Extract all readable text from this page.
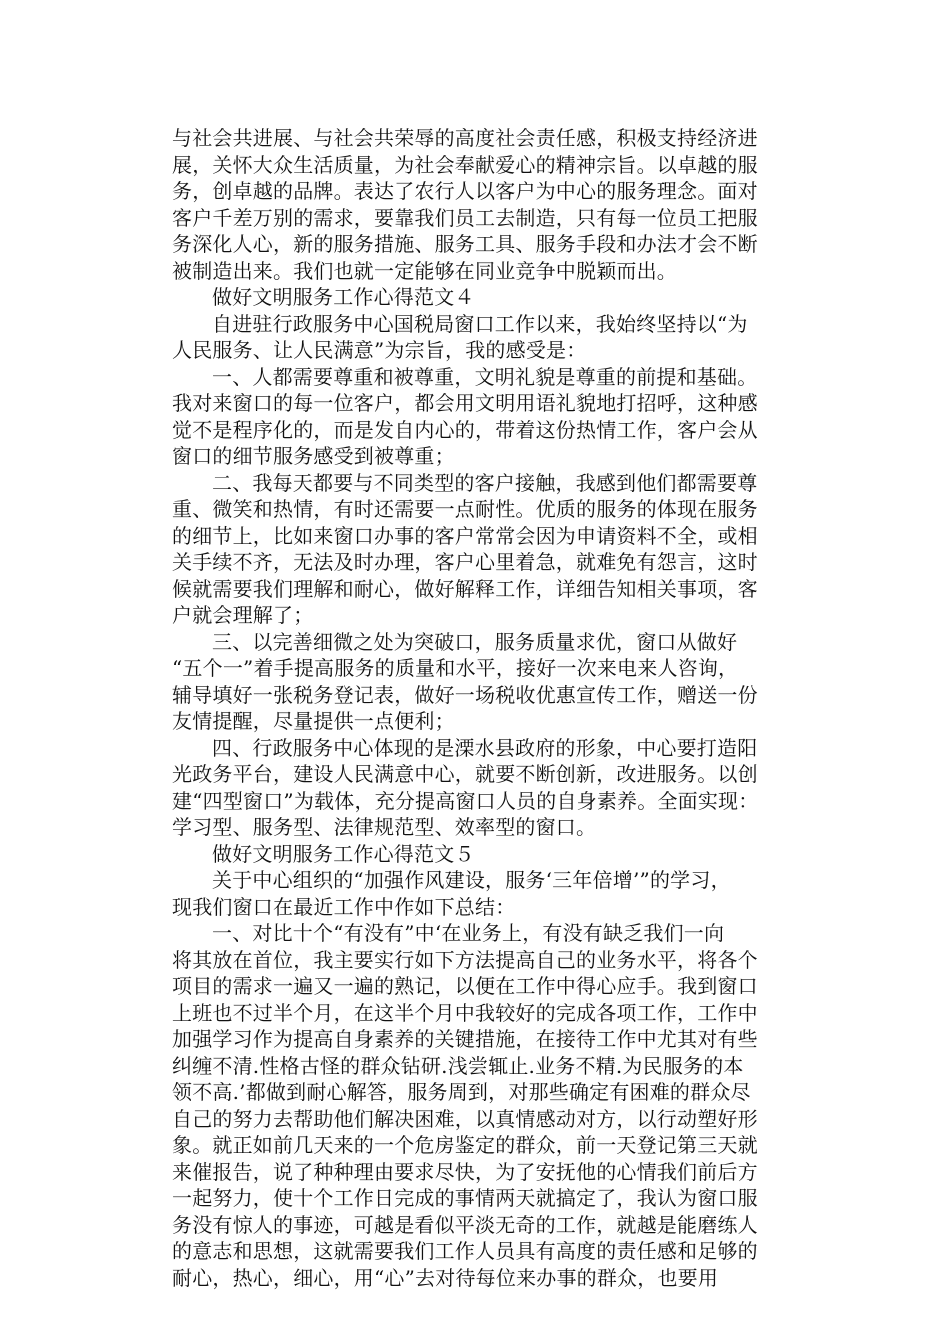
与社会共进展、与社会共荣辱的高度社会责任感，积极支持经济进
展，关怀大众生活质量，为社会奉献爱心的精神宗旨。以卓越的服
务，创卓越的品牌。表达了农行人以客户为中心的服务理念。面对
客户千差万别的需求，要靠我们员工去制造，只有每一位员工把服
务深化人心，新的服务措施、服务工具、服务手段和办法才会不断
被制造出来。我们也就一定能够在同业竞争中脱颖而出。
做好文明服务工作心得范文４
自进驻行政服务中心国税局窗口工作以来，我始终坚持以“为
人民服务、让人民满意”为宗旨，我的感受是：
一、人都需要尊重和被尊重，文明礼貌是尊重的前提和基础。
我对来窗口的每一位客户，都会用文明用语礼貌地打招呼，这种感
觉不是程序化的，而是发自内心的，带着这份热情工作，客户会从
窗口的细节服务感受到被尊重；
二、我每天都要与不同类型的客户接触，我感到他们都需要尊
重、微笑和热情，有时还需要一点耐性。优质的服务的体现在服务
的细节上，比如来窗口办事的客户常常会因为申请资料不全，或相
关手续不齐，无法及时办理，客户心里着急，就难免有怨言，这时
候就需要我们理解和耐心，做好解释工作，详细告知相关事项，客
户就会理解了；
三、以完善细微之处为突破口，服务质量求优，窗口从做好
“五个一”着手提高服务的质量和水平，接好一次来电来人咨询，
辅导填好一张税务登记表，做好一场税收优惠宣传工作，赠送一份
友情提醒，尽量提供一点便利；
四、行政服务中心体现的是溧水县政府的形象，中心要打造阳
光政务平台，建设人民满意中心，就要不断创新，改进服务。以创
建“四型窗口”为载体，充分提高窗口人员的自身素养。全面实现：
学习型、服务型、法律规范型、效率型的窗口。
做好文明服务工作心得范文５
关于中心组织的“加强作风建设，服务‘三年倍增’”的学习，
现我们窗口在最近工作中作如下总结：
一、对比十个“有没有”中‘在业务上，有没有缺乏我们一向
将其放在首位，我主要实行如下方法提高自己的业务水平，将各个
项目的需求一遍又一遍的熟记，以便在工作中得心应手。我到窗口
上班也不过半个月，在这半个月中我较好的完成各项工作，工作中
加强学习作为提高自身素养的关键措施，在接待工作中尤其对有些
纠缠不清.性格古怪的群众钻研.浅尝辄止.业务不精.为民服务的本
领不高.’都做到耐心解答，服务周到，对那些确定有困难的群众尽
自己的努力去帮助他们解决困难，以真情感动对方，以行动塑好形
象。就正如前几天来的一个危房鉴定的群众，前一天登记第三天就
来催报告，说了种种理由要求尽快，为了安抚他的心情我们前后方
一起努力，使十个工作日完成的事情两天就搞定了，我认为窗口服
务没有惊人的事迹，可越是看似平淡无奇的工作，就越是能磨练人
的意志和思想，这就需要我们工作人员具有高度的责任感和足够的
耐心，热心，细心，用“心”去对待每位来办事的群众，也要用
